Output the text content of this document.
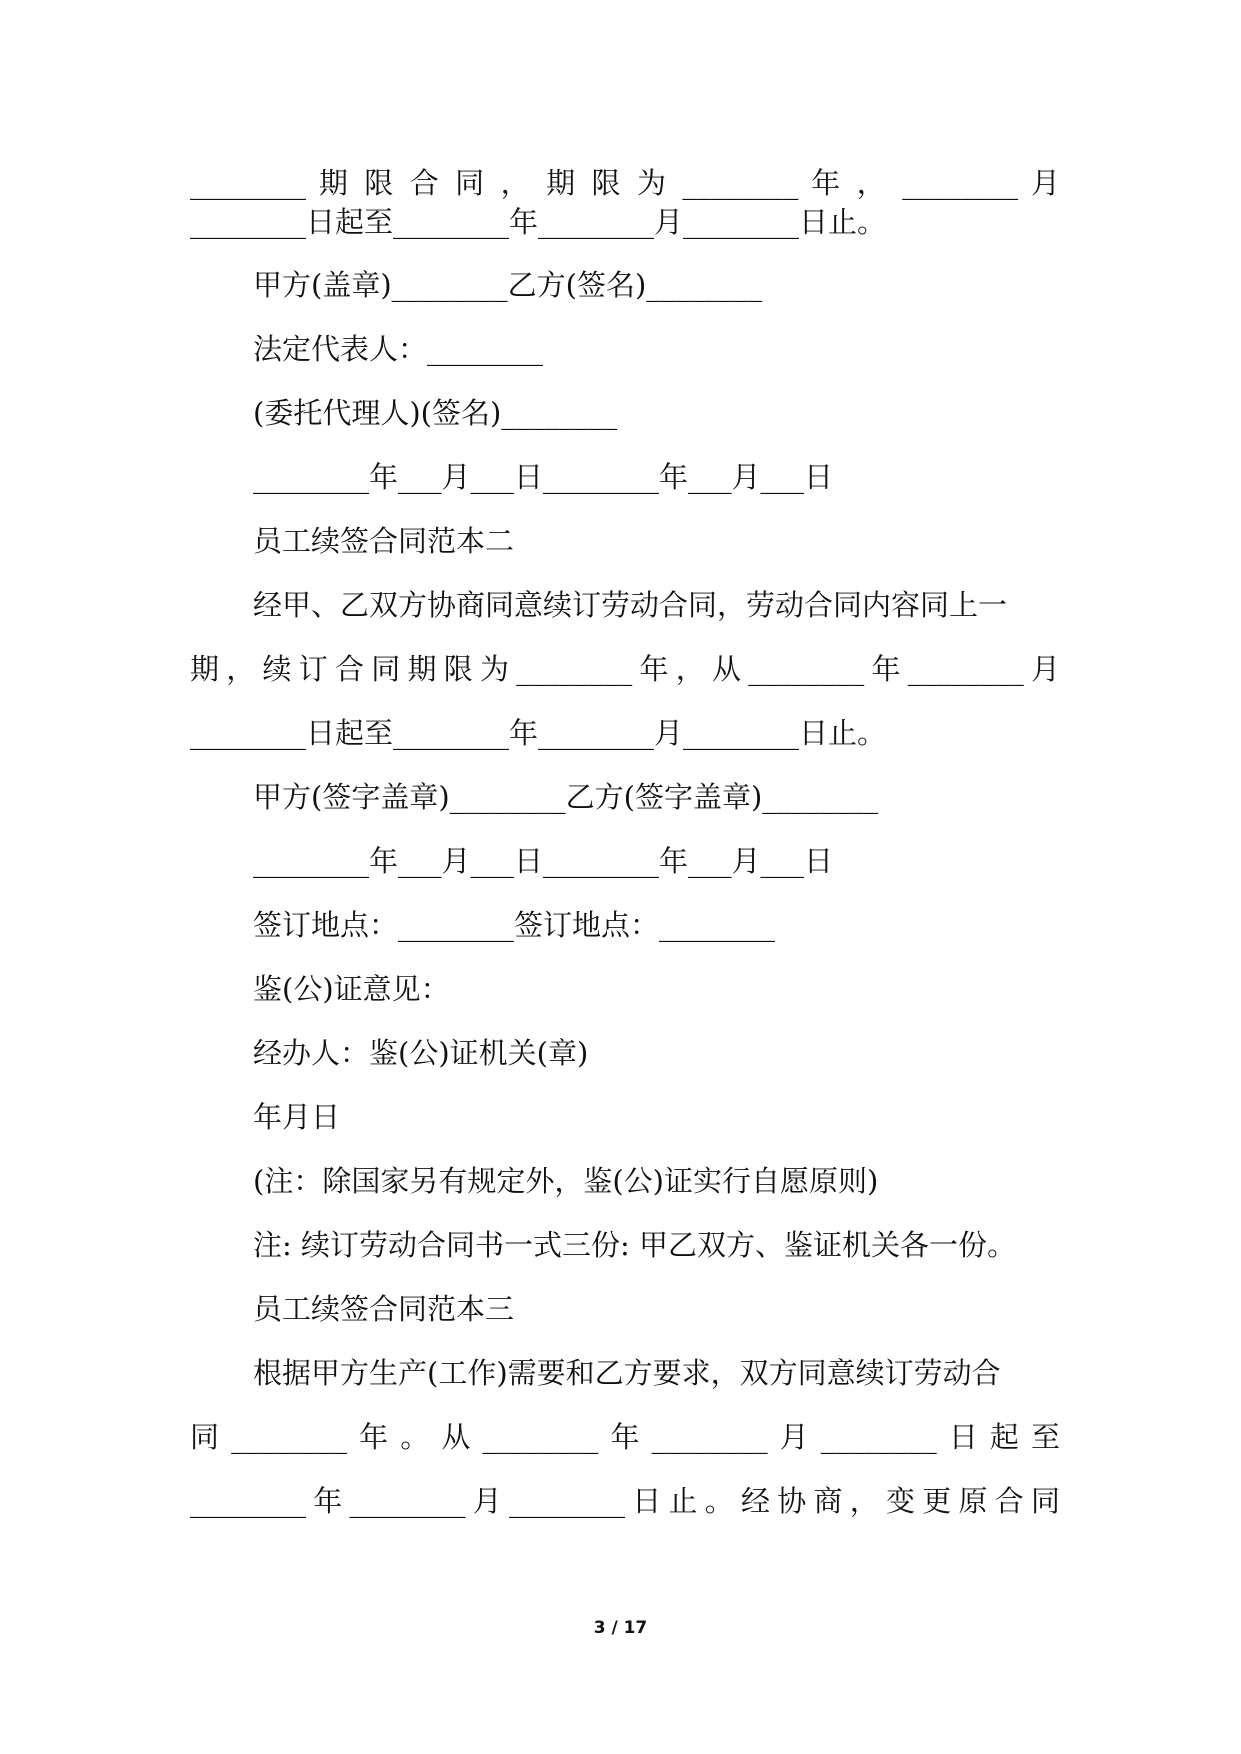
________ 期 限 合 同 ， 期 限 为 ________ 年 ， ________ 月
________日起至________年________月________日止。
甲方(盖章)________乙方(签名)________
法定代表人：________
(委托代理人)(签名)________
________年___月___日________年___月___日
员工续签合同范本二
经甲、乙双方协商同意续订劳动合同，劳动合同内容同上一
期，续订合同期限为________年，从________年________月
________日起至________年________月________日止。
甲方(签字盖章)________乙方(签字盖章)________
________年___月___日________年___月___日
签订地点：________签订地点：________
鉴(公)证意见：
经办人：鉴(公)证机关(章)
年月日
(注：除国家另有规定外，鉴(公)证实行自愿原则)
注: 续订劳动合同书一式三份: 甲乙双方、鉴证机关各一份。
员工续签合同范本三
根据甲方生产(工作)需要和乙方要求，双方同意续订劳动合
同________年。从________年________月________日起至
________年________月________日止。经协商，变更原合同
3 / 17
